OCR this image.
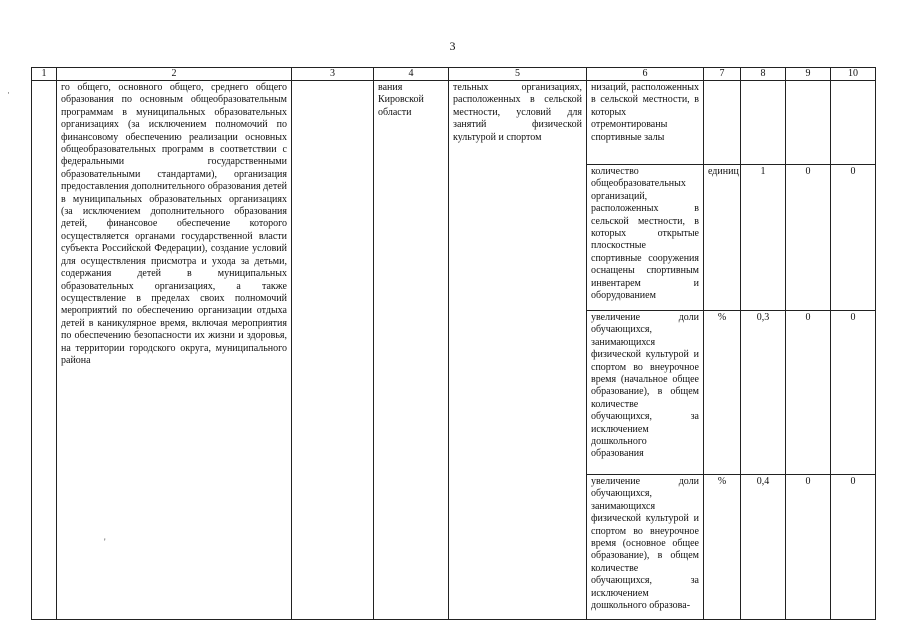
3
·
'
1	2	3	4	5	6	7	8	9	10
	го общего, основного общего, среднего общего образования по основным общеобразовательным программам в муниципальных образовательных организациях (за исключением полномочий по финансовому обеспечению реализации основных общеобразовательных программ в соответствии с федеральными государственными образовательными стандартами), организация предоставления дополнительного образования детей в муниципальных образовательных организациях (за исключением дополнительного образования детей, финансовое обеспечение которого осуществляется органами государственной власти субъекта Российской Федерации), создание условий для осуществления присмотра и ухода за детьми, содержания детей в муниципальных образовательных организациях, а также осуществление в пределах своих полномочий мероприятий по обеспечению организации отдыха детей в каникулярное время, включая мероприятия по обеспечению безопасности их жизни и здоровья, на территории городского округа, муниципального района		вания Кировской области	тельных организациях, расположенных в сельской местности, условий для занятий физической культурой и спортом	низаций, расположенных в сельской местности, в которых отремонтированы спортивные залы				
					количество общеобразовательных организаций, расположенных в сельской местности, в которых открытые плоскостные спортивные сооружения оснащены спортивным инвентарем и оборудованием	единиц	1	0	0
					увеличение доли обучающихся, занимающихся физической культурой и спортом во внеурочное время (начальное общее образование), в общем количестве обучающихся, за исключением дошкольного образования	%	0,3	0	0
					увеличение доли обучающихся, занимающихся физической культурой и спортом во внеурочное время (основное общее образование), в общем количестве обучающихся, за исключением дошкольного образова-	%	0,4	0	0
